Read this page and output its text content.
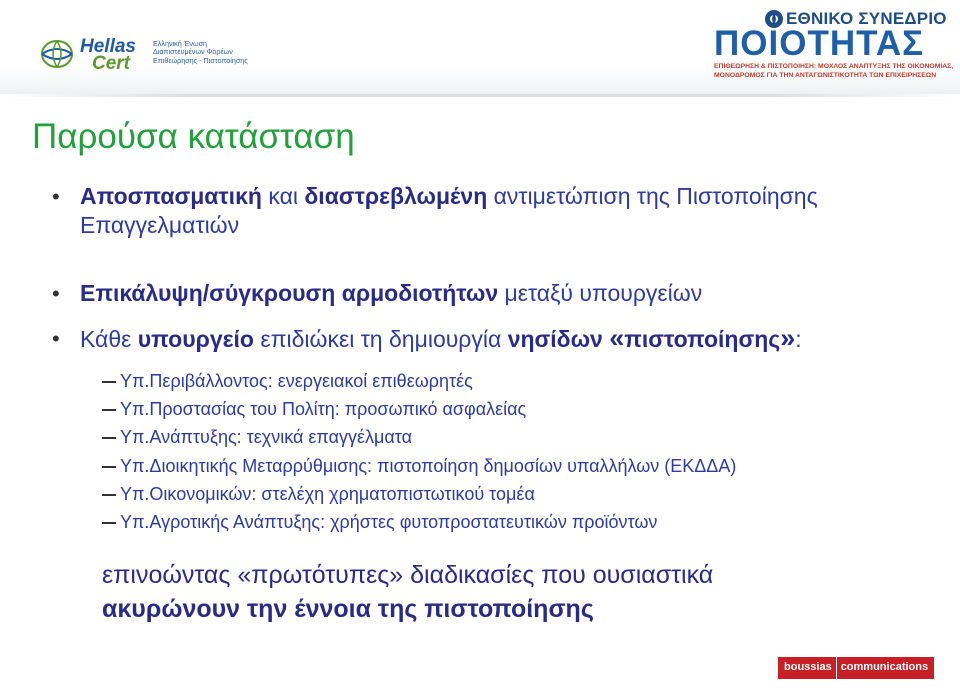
Hellas
Cert
Ελληνική Ένωση
Διαπιστευμένων Φορέων
Επιθεώρησης - Πιστοποίησης
ΕΘΝΙΚΟ ΣΥΝΕΔΡΙΟ
ΠΟΙΟΤΗΤΑΣ
ΕΠΙΘΕΩΡΗΣΗ & ΠΙΣΤΟΠΟΙΗΣΗ: ΜΟΧΛΟΣ ΑΝΑΠΤΥΞΗΣ ΤΗΣ ΟΙΚΟΝΟΜΙΑΣ,
ΜΟΝΟΔΡΟΜΟΣ ΓΙΑ ΤΗΝ ΑΝΤΑΓΩΝΙΣΤΙΚΟΤΗΤΑ ΤΩΝ ΕΠΙΧΕΙΡΗΣΕΩΝ
Παρούσα κατάσταση
• Αποσπασματική και διαστρεβλωμένη αντιμετώπιση της Πιστοποίησης Επαγγελματιών
• Επικάλυψη/σύγκρουση αρμοδιοτήτων μεταξύ υπουργείων
• Κάθε υπουργείο επιδιώκει τη δημιουργία νησίδων «πιστοποίησης»:
Υπ.Περιβάλλοντος: ενεργειακοί επιθεωρητές
Υπ.Προστασίας του Πολίτη: προσωπικό ασφαλείας
Υπ.Ανάπτυξης: τεχνικά επαγγέλματα
Υπ.Διοικητικής Μεταρρύθμισης: πιστοποίηση δημοσίων υπαλλήλων (ΕΚΔΔΑ)
Υπ.Οικονομικών: στελέχη χρηματοπιστωτικού τομέα
Υπ.Αγροτικής Ανάπτυξης: χρήστες φυτοπροστατευτικών προϊόντων
επινοώντας «πρωτότυπες» διαδικασίες που ουσιαστικά
ακυρώνουν την έννοια της πιστοποίησης
boussias communications
